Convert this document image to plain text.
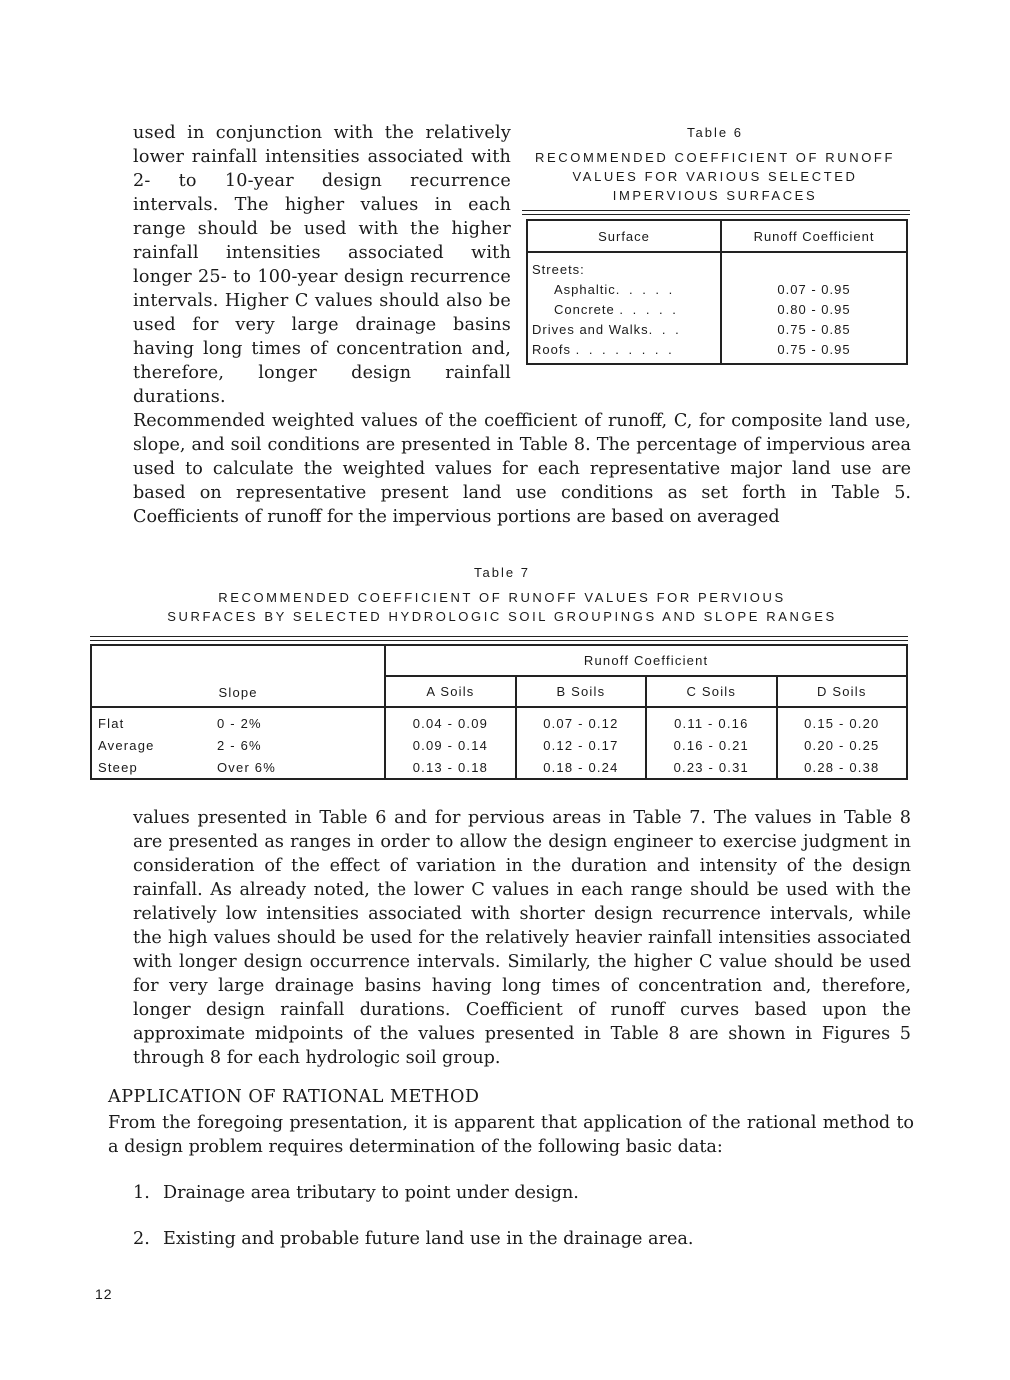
used in conjunction with the relatively lower rainfall intensities associated with 2- to 10-year design recurrence intervals. The higher values in each range should be used with the higher rainfall intensities associated with longer 25- to 100-year design recurrence intervals. Higher C values should also be used for very large drainage basins having long times of concentration and, therefore, longer design rainfall durations.
Table 6
RECOMMENDED COEFFICIENT OF RUNOFF
VALUES FOR VARIOUS SELECTED
IMPERVIOUS SURFACES
Surface	Runoff Coefficient
Streets:	
Asphaltic. . . . .	0.07 - 0.95
Concrete . . . . .	0.80 - 0.95
Drives and Walks. . .	0.75 - 0.85
Roofs . . . . . . . .	0.75 - 0.95
Recommended weighted values of the coefficient of runoff, C, for composite land use, slope, and soil conditions are presented in Table 8. The percentage of impervious area used to calculate the weighted values for each representative major land use are based on representative present land use conditions as set forth in Table 5. Coefficients of runoff for the impervious portions are based on averaged
Table 7
RECOMMENDED COEFFICIENT OF RUNOFF VALUES FOR PERVIOUS
SURFACES BY SELECTED HYDROLOGIC SOIL GROUPINGS AND SLOPE RANGES
Slope		Runoff Coefficient			
		A Soils	B Soils	C Soils	D Soils
Flat	0 - 2%	0.04 - 0.09	0.07 - 0.12	0.11 - 0.16	0.15 - 0.20
Average	2 - 6%	0.09 - 0.14	0.12 - 0.17	0.16 - 0.21	0.20 - 0.25
Steep	Over 6%	0.13 - 0.18	0.18 - 0.24	0.23 - 0.31	0.28 - 0.38
values presented in Table 6 and for pervious areas in Table 7. The values in Table 8 are presented as ranges in order to allow the design engineer to exercise judgment in consideration of the effect of variation in the duration and intensity of the design rainfall. As already noted, the lower C values in each range should be used with the relatively low intensities associated with shorter design recurrence intervals, while the high values should be used for the relatively heavier rainfall intensities associated with longer design occurrence intervals. Similarly, the higher C value should be used for very large drainage basins having long times of concentration and, therefore, longer design rainfall durations. Coefficient of runoff curves based upon the approximate midpoints of the values presented in Table 8 are shown in Figures 5 through 8 for each hydrologic soil group.
APPLICATION OF RATIONAL METHOD
From the foregoing presentation, it is apparent that application of the rational method to a design problem requires determination of the following basic data:
1. Drainage area tributary to point under design.
2. Existing and probable future land use in the drainage area.
12
